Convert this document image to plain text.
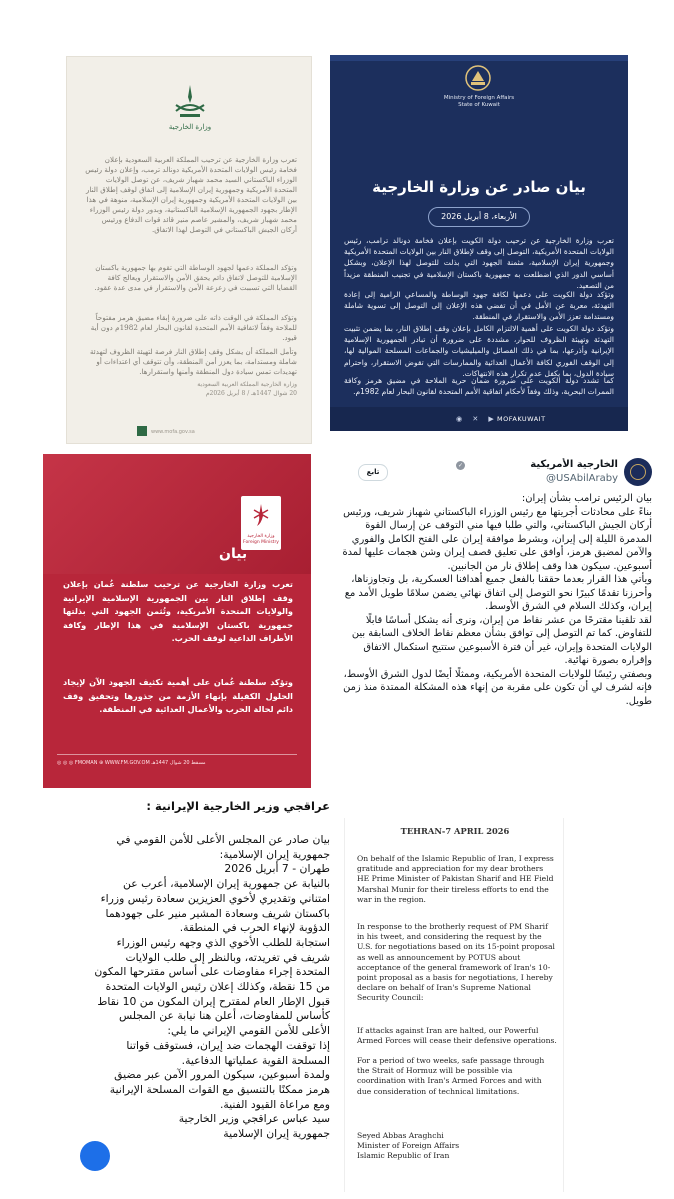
وزارة الخارجية
تعرب وزارة الخارجية عن ترحيب المملكة العربية السعودية بإعلان فخامة رئيس الولايات المتحدة الأمريكية دونالد ترمب، وإعلان دولة رئيس الوزراء الباكستاني السيد محمد شهباز شريف، عن توصل الولايات المتحدة الأمريكية وجمهورية إيران الإسلامية إلى اتفاق لوقف إطلاق النار بين الولايات المتحدة الأمريكية وجمهورية إيران الإسلامية، منوهة في هذا الإطار بجهود الجمهورية الإسلامية الباكستانية، وبدور دولة رئيس الوزراء محمد شهباز شريف، والمشير عاصم منير قائد قوات الدفاع ورئيس أركان الجيش الباكستاني في التوصل لهذا الاتفاق.
وتؤكد المملكة دعمها لجهود الوساطة التي تقوم بها جمهورية باكستان الإسلامية للتوصل لاتفاق دائم يحقق الأمن والاستقرار ويعالج كافة القضايا التي تسببت في زعزعة الأمن والاستقرار في مدى عدة عقود.
وتؤكد المملكة في الوقت ذاته على ضرورة إبقاء مضيق هرمز مفتوحاً للملاحة وفقاً لاتفاقية الأمم المتحدة لقانون البحار لعام 1982م دون أية قيود.
وتأمل المملكة أن يشكل وقف إطلاق النار فرصة لتهيئة الظروف لتهدئة شاملة ومستدامة، بما يعزز أمن المنطقة، وأن تتوقف أي اعتداءات أو تهديدات تمس سيادة دول المنطقة وأمنها واستقرارها.
وزارة الخارجية المملكة العربية السعودية
20 شوال 1447هـ / 8 أبريل 2026م
www.mofa.gov.sa
Ministry of Foreign Affairs
State of Kuwait
بيان صادر عن وزارة الخارجية
الأربعاء، 8 أبريل 2026
تعرب وزارة الخارجية عن ترحيب دولة الكويت بإعلان فخامة دونالد ترامب، رئيس الولايات المتحدة الأمريكية، التوصل إلى وقف لإطلاق النار بين الولايات المتحدة الأمريكية وجمهورية إيران الإسلامية، مثمنة الجهود التي بذلت للتوصل لهذا الإعلان، وبشكل أساسي الدور الذي اضطلعت به جمهورية باكستان الإسلامية في تجنيب المنطقة مزيداً من التصعيد.
وتؤكد دولة الكويت على دعمها لكافة جهود الوساطة والمساعي الرامية إلى إعادة التهدئة، معربة عن الأمل في أن تفضي هذه الإعلان إلى التوصل إلى تسوية شاملة ومستدامة تعزز الأمن والاستقرار في المنطقة.
وتؤكد دولة الكويت على أهمية الالتزام الكامل بإعلان وقف إطلاق النار، بما يضمن تثبيت التهدئة وتهيئة الظروف للحوار، مشددة على ضرورة أن تبادر الجمهورية الإسلامية الإيرانية وأذرعها، بما في ذلك الفصائل والميليشيات والجماعات المسلحة الموالية لها، إلى الوقف الفوري لكافة الأعمال العدائية والممارسات التي تقوض الاستقرار، واحترام سيادة الدول، بما يكفل عدم تكرار هذه الانتهاكات.
كما تشدد دولة الكويت على ضرورة ضمان حرية الملاحة في مضيق هرمز وكافة الممرات البحرية، وذلك وفقاً لأحكام اتفاقية الأمم المتحدة لقانون البحار لعام 1982م.
◉ ✕ ▶ MOFAKUWAIT
وزارة الخارجية Foreign Ministry
بيان
تعرب وزارة الخارجية عن ترحيب سلطنة عُمان بإعلان وقف إطلاق النار بين الجمهورية الإسلامية الإيرانية والولايات المتحدة الأمريكية، وتُثمن الجهود التي بذلتها جمهورية باكستان الإسلامية في هذا الإطار وكافة الأطراف الداعية لوقف الحرب.
وتؤكد سلطنة عُمان على أهمية تكثيف الجهود الآن لإيجاد الحلول الكفيلة بإنهاء الأزمة من جذورها وتحقيق وقف دائم لحالة الحرب والأعمال العدائية في المنطقة.
◎ ◎ ◎ FMOMAN ⊕ WWW.FM.GOV.OM مسقط 20 شوال 1447هـ
الخارجية الأمريكية
✓
@USAbilAraby
تابع

بيان الرئيس ترامب بشأن إيران:

بناءً على محادثات أجريتها مع رئيس الوزراء الباكستاني شهباز شريف، ورئيس أركان الجيش الباكستاني، والتي طلبا فيها مني التوقف عن إرسال القوة المدمرة الليلة إلى إيران، وبشرط موافقة إيران على الفتح الكامل والفوري والآمن لمضيق هرمز، أوافق على تعليق قصف إيران وشن هجمات عليها لمدة أسبوعين. سيكون هذا وقف إطلاق نار من الجانبين.

ويأتي هذا القرار بعدما حققنا بالفعل جميع أهدافنا العسكرية، بل وتجاوزناها، وأحرزنا تقدمًا كبيرًا نحو التوصل إلى اتفاق نهائي يضمن سلامًا طويل الأمد مع إيران، وكذلك السلام في الشرق الأوسط.

لقد تلقينا مقترحًا من عشر نقاط من إيران، ونرى أنه يشكل أساسًا قابلًا للتفاوض. كما تم التوصل إلى توافق بشأن معظم نقاط الخلاف السابقة بين الولايات المتحدة وإيران، غير أن فترة الأسبوعين ستتيح استكمال الاتفاق وإقراره بصورة نهائية.

وبصفتي رئيسًا للولايات المتحدة الأمريكية، وممثلًا أيضًا لدول الشرق الأوسط، فإنه لشرف لي أن تكون على مقربة من إنهاء هذه المشكلة الممتدة منذ زمن طويل.

عراقجي وزير الخارجية الإيرانية :

بيان صادر عن المجلس الأعلى للأمن القومي في جمهورية إيران الإسلامية:

طهران - 7 أبريل 2026

بالنيابة عن جمهورية إيران الإسلامية، أعرب عن امتناني وتقديري لأخوي العزيزين سعادة رئيس وزراء باكستان شريف وسعادة المشير منير على جهودهما الدؤوبة لإنهاء الحرب في المنطقة.

استجابة للطلب الأخوي الذي وجهه رئيس الوزراء شريف في تغريدته، وبالنظر إلى طلب الولايات المتحدة إجراء مفاوضات على أساس مقترحها المكون من 15 نقطة، وكذلك إعلان رئيس الولايات المتحدة قبول الإطار العام لمقترح إيران المكون من 10 نقاط كأساس للمفاوضات، أعلن هنا نيابة عن المجلس الأعلى للأمن القومي الإيراني ما يلي:

إذا توقفت الهجمات ضد إيران، فستوقف قواتنا المسلحة القوية عملياتها الدفاعية.

ولمدة أسبوعين، سيكون المرور الآمن عبر مضيق هرمز ممكنًا بالتنسيق مع القوات المسلحة الإيرانية ومع مراعاة القيود الفنية.

سيد عباس عراقجي وزير الخارجية

جمهورية إيران الإسلامية

TEHRAN-7 APRIL 2026

On behalf of the Islamic Republic of Iran, I express gratitude and appreciation for my dear brothers HE Prime Minister of Pakistan Sharif and HE Field Marshal Munir for their tireless efforts to end the war in the region.

In response to the brotherly request of PM Sharif in his tweet, and considering the request by the U.S. for negotiations based on its 15-point proposal as well as announcement by POTUS about acceptance of the general framework of Iran's 10-point proposal as a basis for negotiations, I hereby declare on behalf of Iran's Supreme National Security Council:

If attacks against Iran are halted, our Powerful Armed Forces will cease their defensive operations.

For a period of two weeks, safe passage through the Strait of Hormuz will be possible via coordination with Iran's Armed Forces and with due consideration of technical limitations.

Seyed Abbas Araghchi
Minister of Foreign Affairs
Islamic Republic of Iran
